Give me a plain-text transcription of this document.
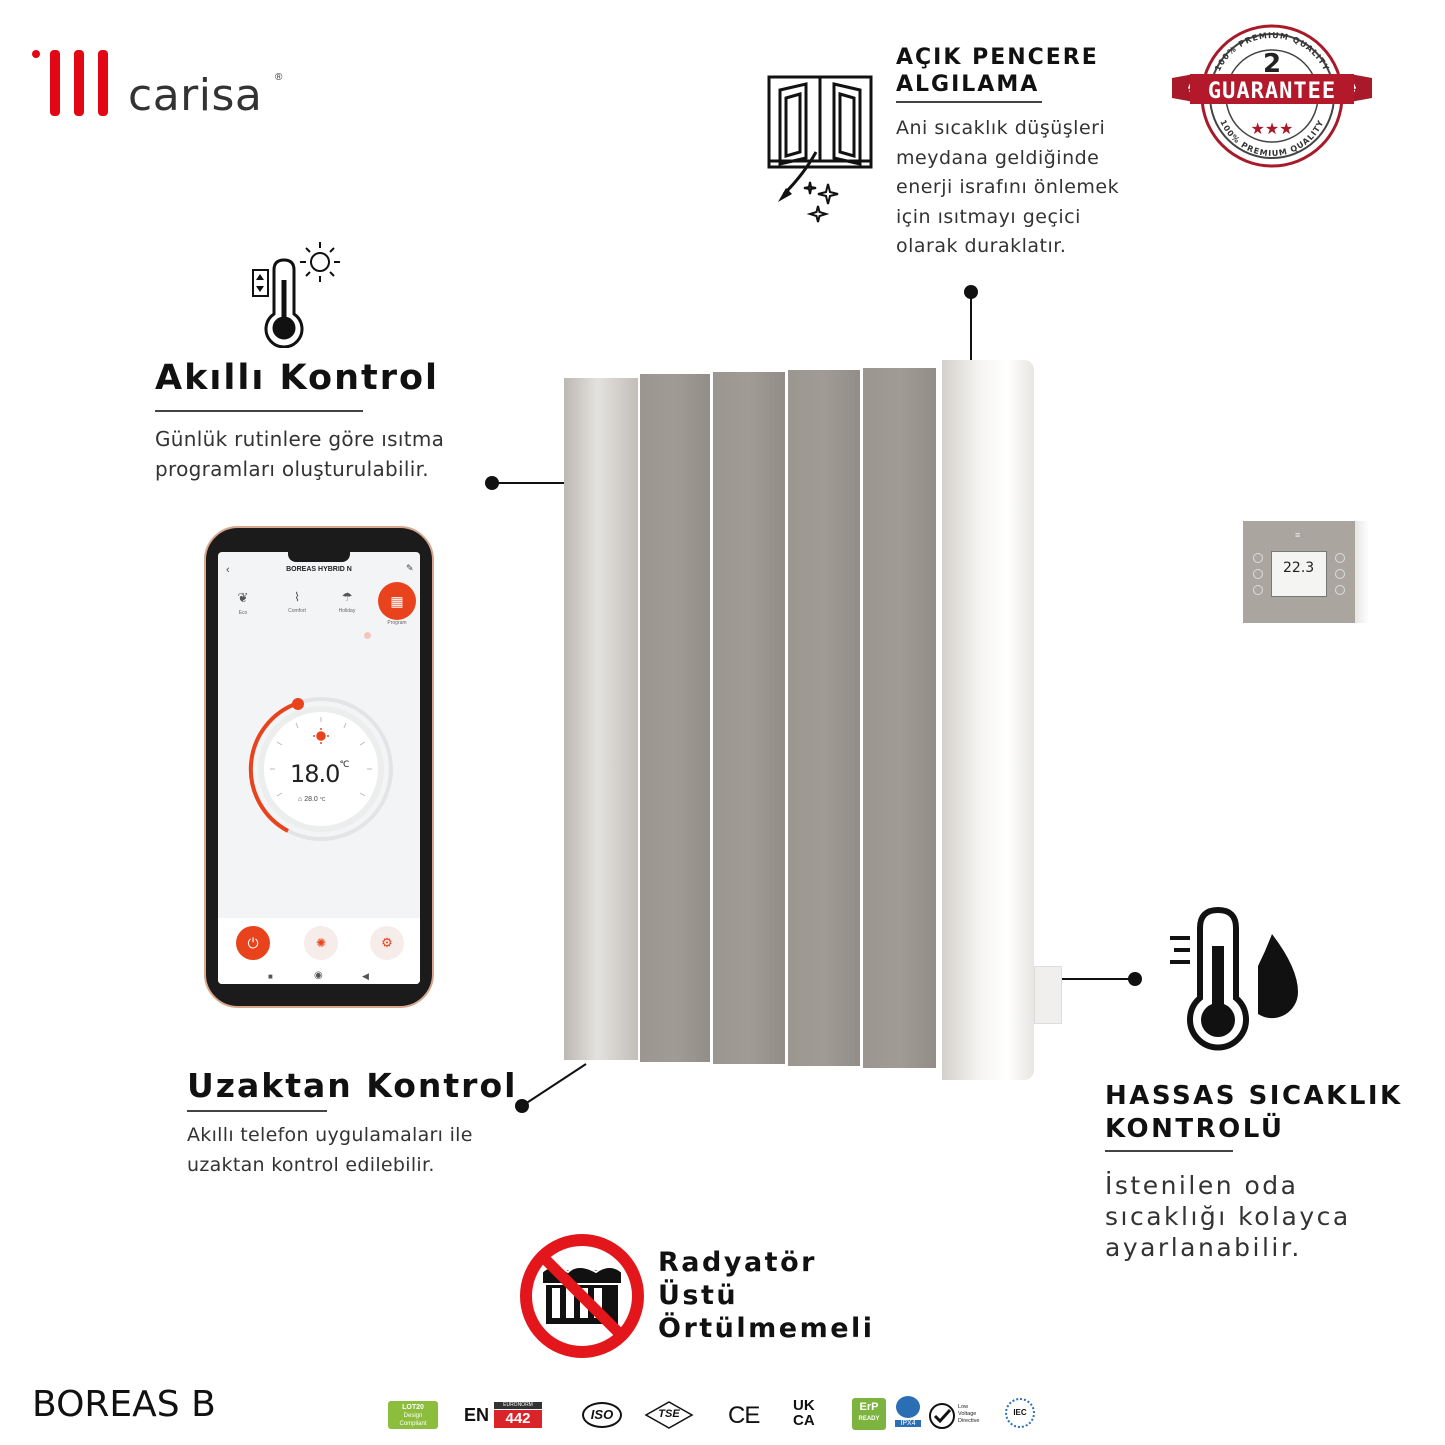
carisa ®
AÇIK PENCERE
ALGILAMA
Ani sıcaklık düşüşleri
meydana geldiğinde
enerji israfını önlemek
için ısıtmayı geçici
olarak duraklatır.
100% PREMIUM QUALITY
100% PREMIUM QUALITY
2
GUARANTEE
★★★
★	★
Akıllı Kontrol
Günlük rutinlere göre ısıtma
programları oluşturulabilir.
≡
22.3
‹	BOREAS HYBRID N	✎
❦
Eco
⌇
Comfort
☂
Holiday
▦
Program
$18.0^{^\circ C}$
⌂ 28.0 °C
⏻	✺	⚙
■	◉	◀
Uzaktan Kontrol
Akıllı telefon uygulamaları ile
uzaktan kontrol edilebilir.
HASSAS SICAKLIK
KONTROLÜ
İstenilen oda
sıcaklığı kolayca
ayarlanabilir.
Radyatör
Üstü
Örtülmemeli
BOREAS B	LOT20
Design
Compliant	EN	EURONORM
442	ISO	TSE	CE UK
CA
ErP
READY
IPX4
Low
Voltage
Directive
IEC
